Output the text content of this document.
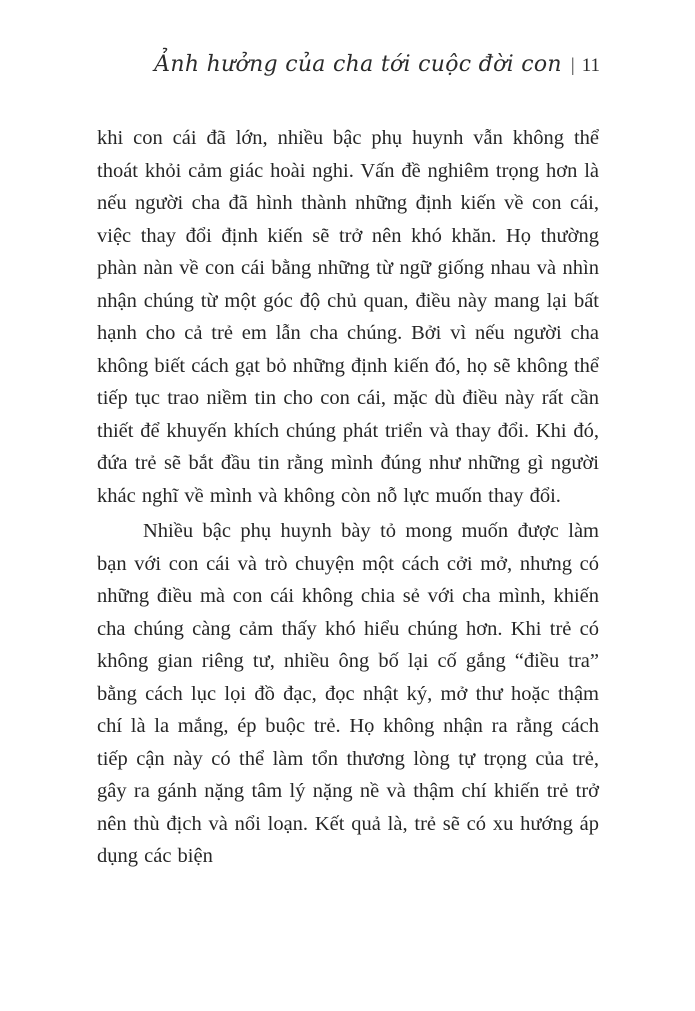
Ảnh hưởng của cha tới cuộc đời con | 11

khi con cái đã lớn, nhiều bậc phụ huynh vẫn không thể thoát khỏi cảm giác hoài nghi. Vấn đề nghiêm trọng hơn là nếu người cha đã hình thành những định kiến về con cái, việc thay đổi định kiến sẽ trở nên khó khăn. Họ thường phàn nàn về con cái bằng những từ ngữ giống nhau và nhìn nhận chúng từ một góc độ chủ quan, điều này mang lại bất hạnh cho cả trẻ em lẫn cha chúng. Bởi vì nếu người cha không biết cách gạt bỏ những định kiến đó, họ sẽ không thể tiếp tục trao niềm tin cho con cái, mặc dù điều này rất cần thiết để khuyến khích chúng phát triển và thay đổi. Khi đó, đứa trẻ sẽ bắt đầu tin rằng mình đúng như những gì người khác nghĩ về mình và không còn nỗ lực muốn thay đổi.

Nhiều bậc phụ huynh bày tỏ mong muốn được làm bạn với con cái và trò chuyện một cách cởi mở, nhưng có những điều mà con cái không chia sẻ với cha mình, khiến cha chúng càng cảm thấy khó hiểu chúng hơn. Khi trẻ có không gian riêng tư, nhiều ông bố lại cố gắng “điều tra” bằng cách lục lọi đồ đạc, đọc nhật ký, mở thư hoặc thậm chí là la mắng, ép buộc trẻ. Họ không nhận ra rằng cách tiếp cận này có thể làm tổn thương lòng tự trọng của trẻ, gây ra gánh nặng tâm lý nặng nề và thậm chí khiến trẻ trở nên thù địch và nổi loạn. Kết quả là, trẻ sẽ có xu hướng áp dụng các biện
